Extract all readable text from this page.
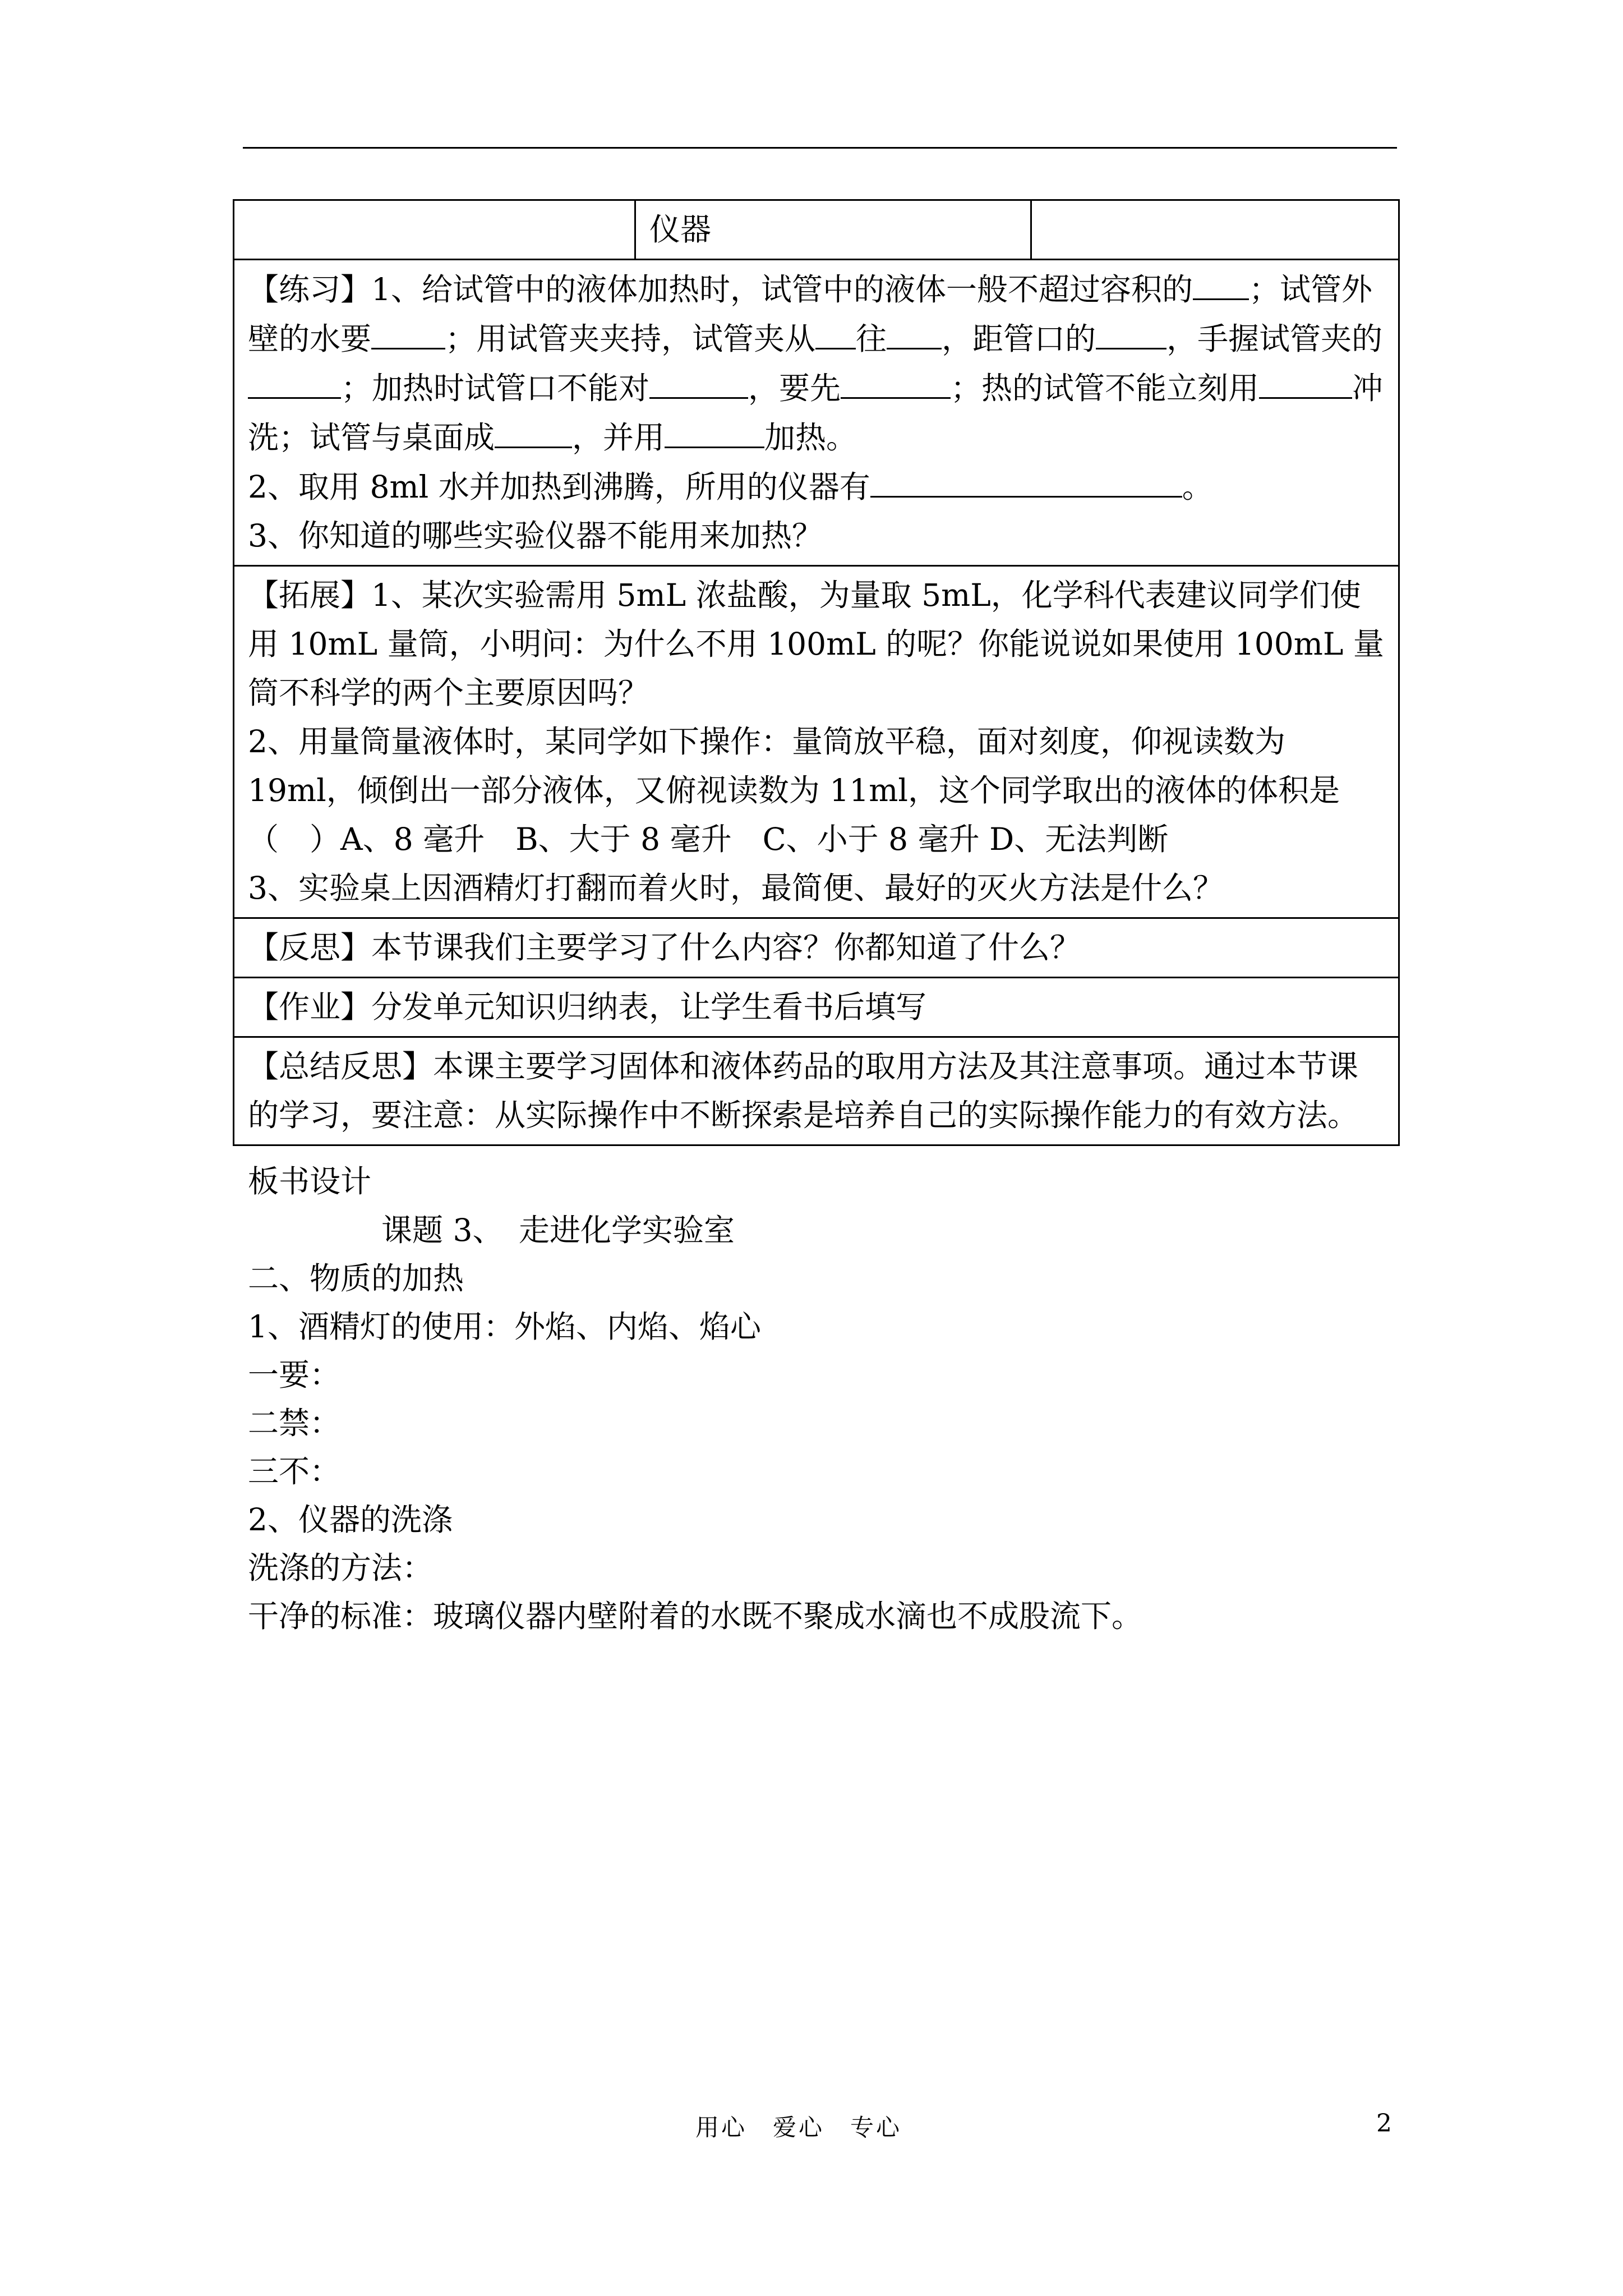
	仪器	
【练习】1、给试管中的液体加热时，试管中的液体一般不超过容积的 ；试管外壁的水要 ；用试管夹夹持，试管夹从 往 ，距管口的 ，手握试管夹的；加热时试管口不能对	，要先	；热的试管不能立刻用	冲洗；试管与桌面成	，并用	加热。
2、取用 8ml 水并加热到沸腾，所用的仪器有	。
3、你知道的哪些实验仪器不能用来加热？
【拓展】1、某次实验需用 5mL 浓盐酸，为量取 5mL，化学科代表建议同学们使用 10mL 量筒，小明问：为什么不用 100mL 的呢？你能说说如果使用 100mL 量筒不科学的两个主要原因吗？
2、用量筒量液体时，某同学如下操作：量筒放平稳，面对刻度，仰视读数为 19ml，倾倒出一部分液体，又俯视读数为 11ml，这个同学取出的液体的体积是（　）A、8 毫升　B、大于 8 毫升　C、小于 8 毫升 D、无法判断
3、实验桌上因酒精灯打翻而着火时，最简便、最好的灭火方法是什么？
【反思】本节课我们主要学习了什么内容？你都知道了什么？
【作业】分发单元知识归纳表，让学生看书后填写
【总结反思】本课主要学习固体和液体药品的取用方法及其注意事项。通过本节课的学习，要注意：从实际操作中不断探索是培养自己的实际操作能力的有效方法。
板书设计
课题 3、　走进化学实验室
二、物质的加热
1、酒精灯的使用：外焰、内焰、焰心
一要：
二禁：
三不：
2、仪器的洗涤
洗涤的方法：
干净的标准：玻璃仪器内壁附着的水既不聚成水滴也不成股流下。
用心　爱心　专心	2
